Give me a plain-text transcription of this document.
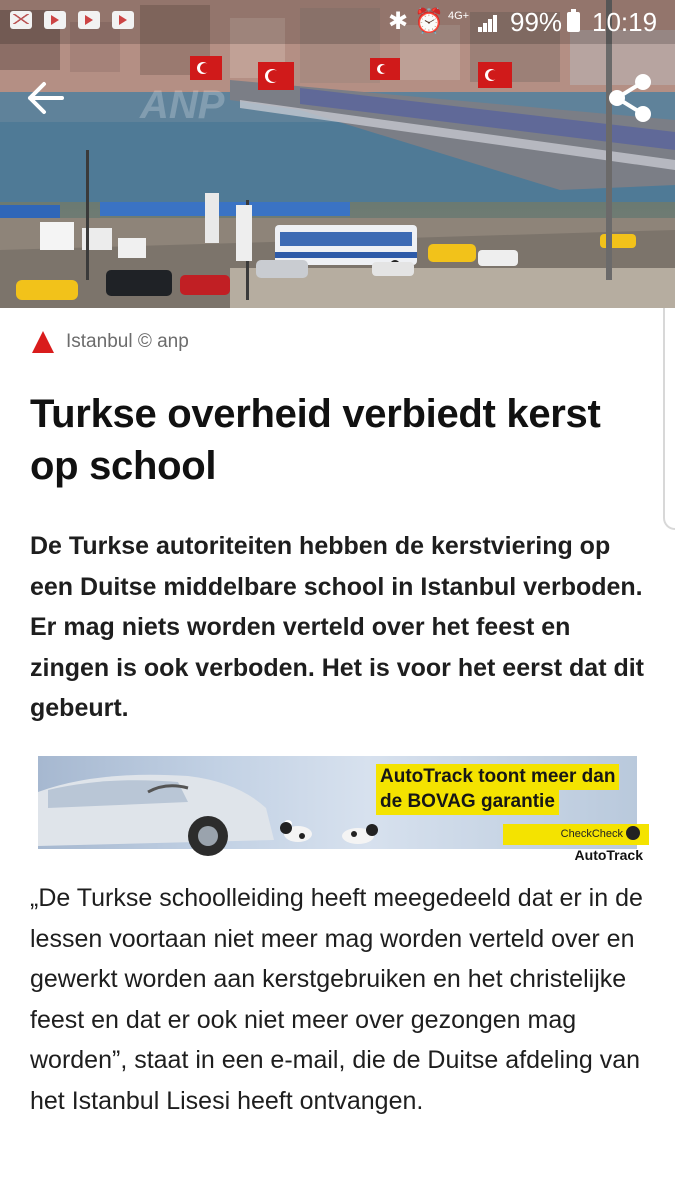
ANP
✱ ⏰ 4G+ 99% 10:19
Istanbul © anp
Turkse overheid verbiedt kerst op school

De Turkse autoriteiten hebben de kerstviering op een Duitse middelbare school in Istanbul verboden. Er mag niets worden verteld over het feest en zingen is ook verboden. Het is voor het eerst dat dit gebeurt.

AutoTrack toont meer dan
de BOVAG garantie
CheckCheckAutoTrack

„De Turkse schoolleiding heeft meegedeeld dat er in de lessen voortaan niet meer mag worden verteld over en gewerkt worden aan kerstgebruiken en het christelijke feest en dat er ook niet meer over gezongen mag worden”, staat in een e-mail, die de Duitse afdeling van het Istanbul Lisesi heeft ontvangen.
